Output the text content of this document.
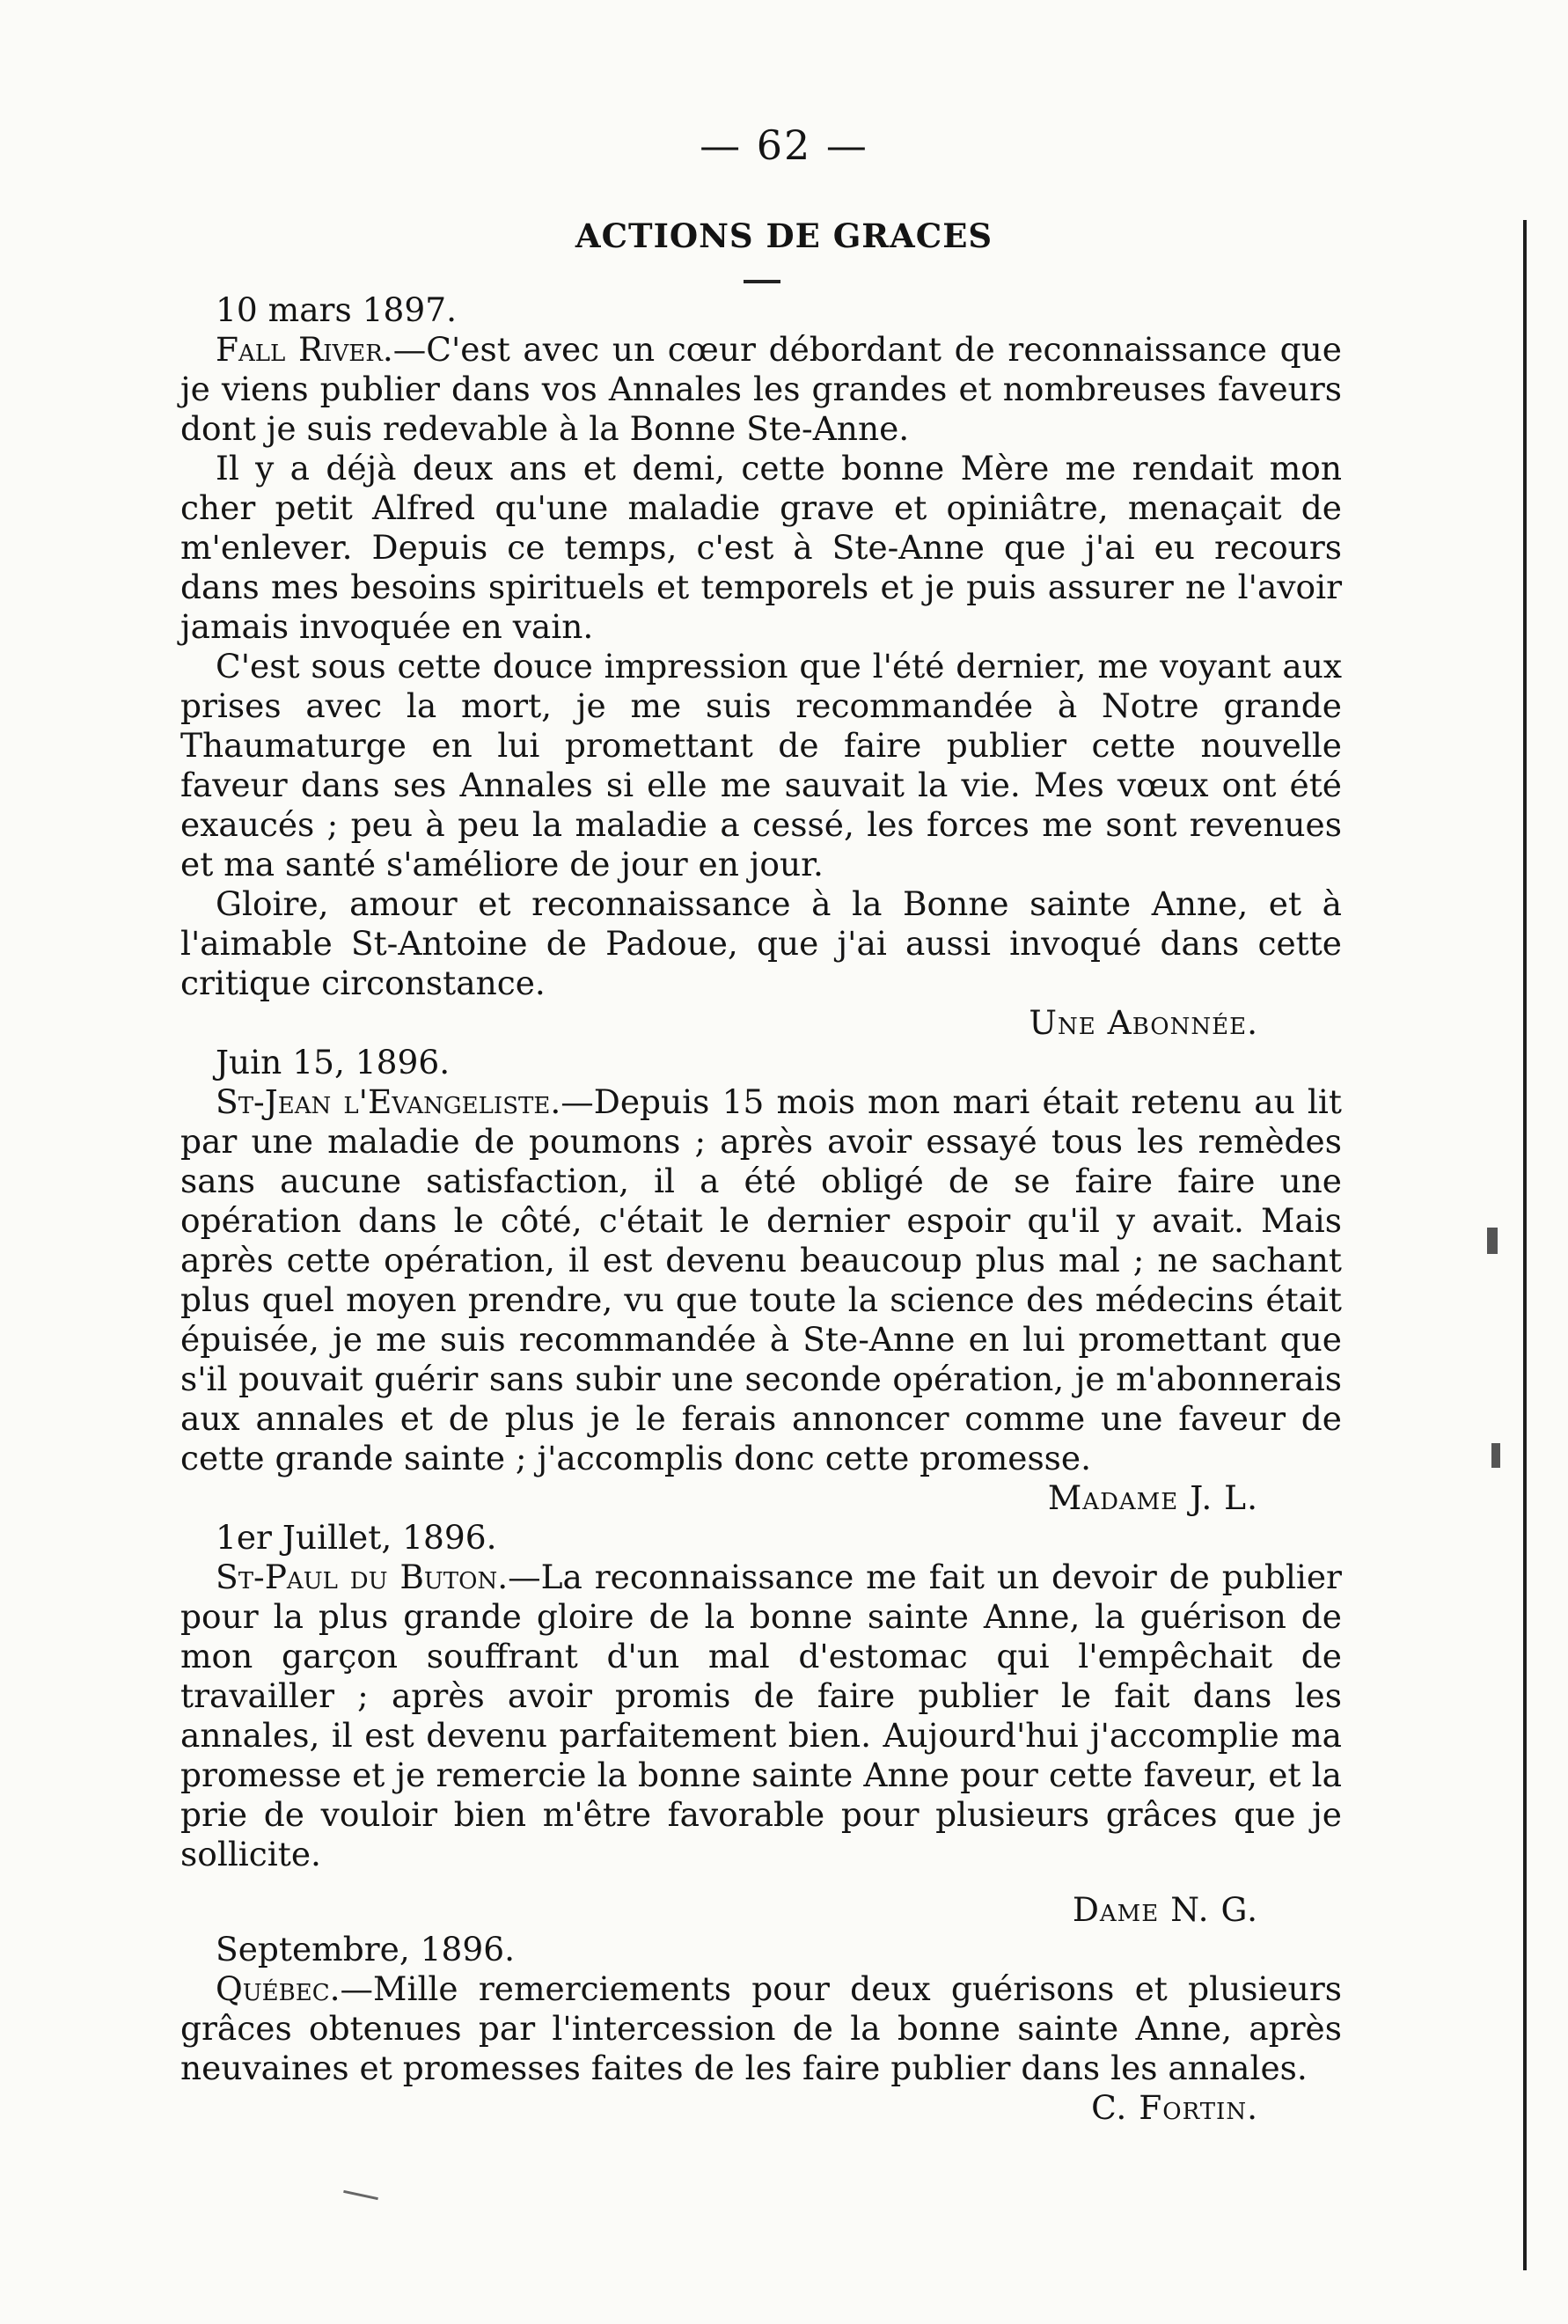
— 62 —
ACTIONS DE GRACES
10 mars 1897.

Fall River.—C'est avec un cœur débordant de reconnaissance que je viens publier dans vos Annales les grandes et nombreuses faveurs dont je suis redevable à la Bonne Ste-Anne.

Il y a déjà deux ans et demi, cette bonne Mère me rendait mon cher petit Alfred qu'une maladie grave et opiniâtre, menaçait de m'enlever. Depuis ce temps, c'est à Ste-Anne que j'ai eu recours dans mes besoins spirituels et temporels et je puis assurer ne l'avoir jamais invoquée en vain.

C'est sous cette douce impression que l'été dernier, me voyant aux prises avec la mort, je me suis recommandée à Notre grande Thaumaturge en lui promettant de faire publier cette nouvelle faveur dans ses Annales si elle me sauvait la vie. Mes vœux ont été exaucés ; peu à peu la maladie a cessé, les forces me sont revenues et ma santé s'améliore de jour en jour.

Gloire, amour et reconnaissance à la Bonne sainte Anne, et à l'aimable St-Antoine de Padoue, que j'ai aussi invoqué dans cette critique circonstance.

Une Abonnée.
Juin 15, 1896.

St-Jean l'Evangeliste.—Depuis 15 mois mon mari était retenu au lit par une maladie de poumons ; après avoir essayé tous les remèdes sans aucune satisfaction, il a été obligé de se faire faire une opération dans le côté, c'était le dernier espoir qu'il y avait. Mais après cette opération, il est devenu beaucoup plus mal ; ne sachant plus quel moyen prendre, vu que toute la science des médecins était épuisée, je me suis recommandée à Ste-Anne en lui promettant que s'il pouvait guérir sans subir une seconde opération, je m'abonnerais aux annales et de plus je le ferais annoncer comme une faveur de cette grande sainte ; j'accomplis donc cette promesse.
Madame J. L.

1er Juillet, 1896.

St-Paul du Buton.—La reconnaissance me fait un devoir de publier pour la plus grande gloire de la bonne sainte Anne, la guérison de mon garçon souffrant d'un mal d'estomac qui l'empêchait de travailler ; après avoir promis de faire publier le fait dans les annales, il est devenu parfaitement bien. Aujourd'hui j'accomplie ma promesse et je remercie la bonne sainte Anne pour cette faveur, et la prie de vouloir bien m'être favorable pour plusieurs grâces que je sollicite.

Dame N. G.
Septembre, 1896.

Québec.—Mille remerciements pour deux guérisons et plusieurs grâces obtenues par l'intercession de la bonne sainte Anne, après neuvaines et promesses faites de les faire publier dans les annales.

C. Fortin.
